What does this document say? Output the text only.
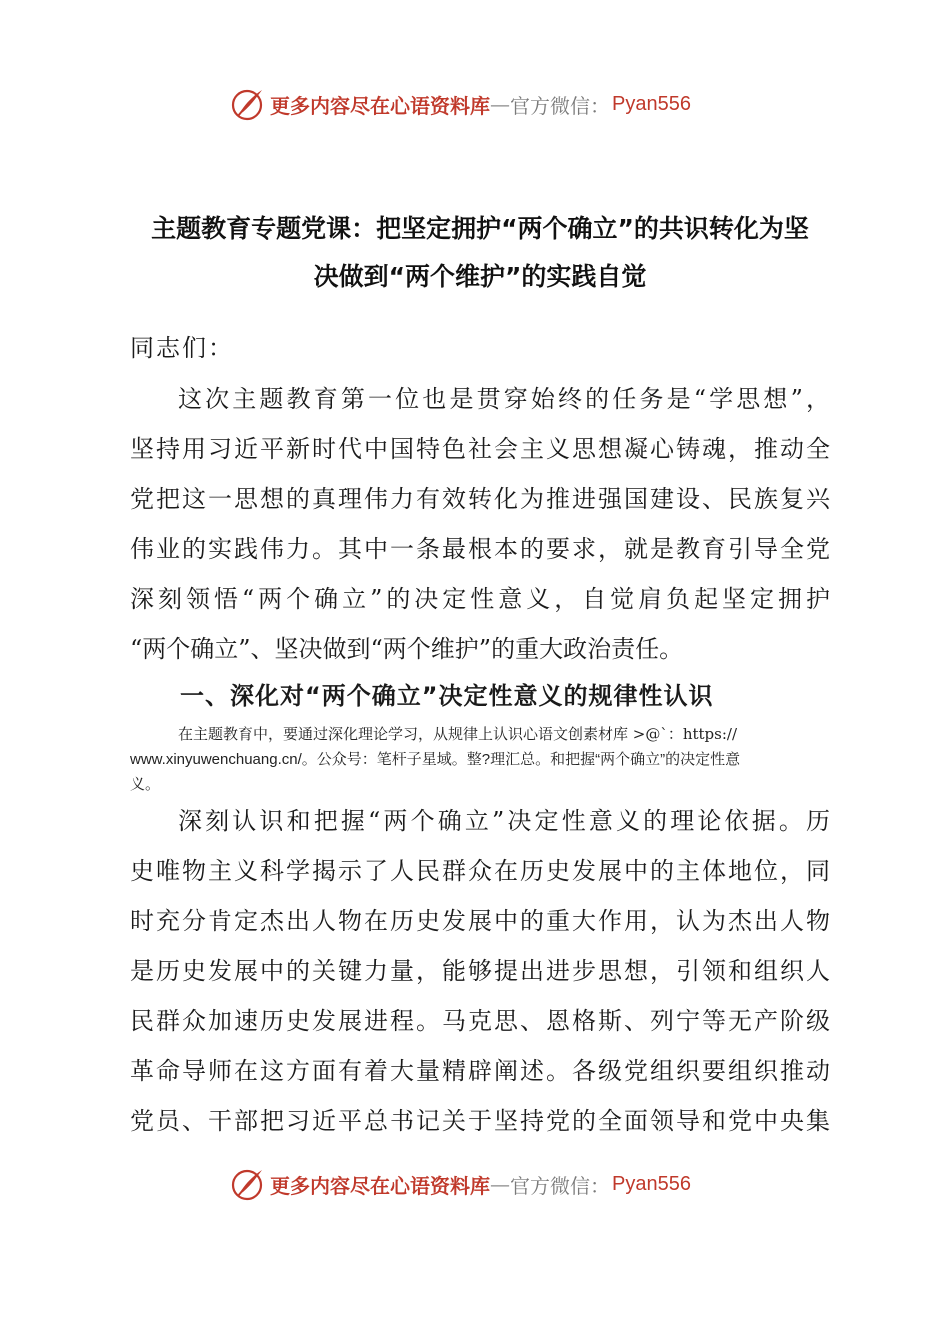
更多内容尽在心语资料库 — 官方微信： Pyan556
主题教育专题党课：把坚定拥护“两个确立”的共识转化为坚
决做到“两个维护”的实践自觉
同志们：
这次主题教育第一位也是贯穿始终的任务是“学思想”，
坚持用习近平新时代中国特色社会主义思想凝心铸魂，推动全
党把这一思想的真理伟力有效转化为推进强国建设、民族复兴
伟业的实践伟力。其中一条最根本的要求，就是教育引导全党
深刻领悟“两个确立”的决定性意义，自觉肩负起坚定拥护
“两个确立”、坚决做到“两个维护”的重大政治责任。
一、深化对“两个确立”决定性意义的规律性认识
在主题教育中，要通过深化理论学习，从规律上认识心语文创素材库 >@`：https://
www.xinyuwenchuang.cn/。公众号：笔杆子星域。整?理汇总。和把握“两个确立”的决定性意
义。
深刻认识和把握“两个确立”决定性意义的理论依据。历
史唯物主义科学揭示了人民群众在历史发展中的主体地位，同
时充分肯定杰出人物在历史发展中的重大作用，认为杰出人物
是历史发展中的关键力量，能够提出进步思想，引领和组织人
民群众加速历史发展进程。马克思、恩格斯、列宁等无产阶级
革命导师在这方面有着大量精辟阐述。各级党组织要组织推动
党员、干部把习近平总书记关于坚持党的全面领导和党中央集
更多内容尽在心语资料库 — 官方微信： Pyan556
